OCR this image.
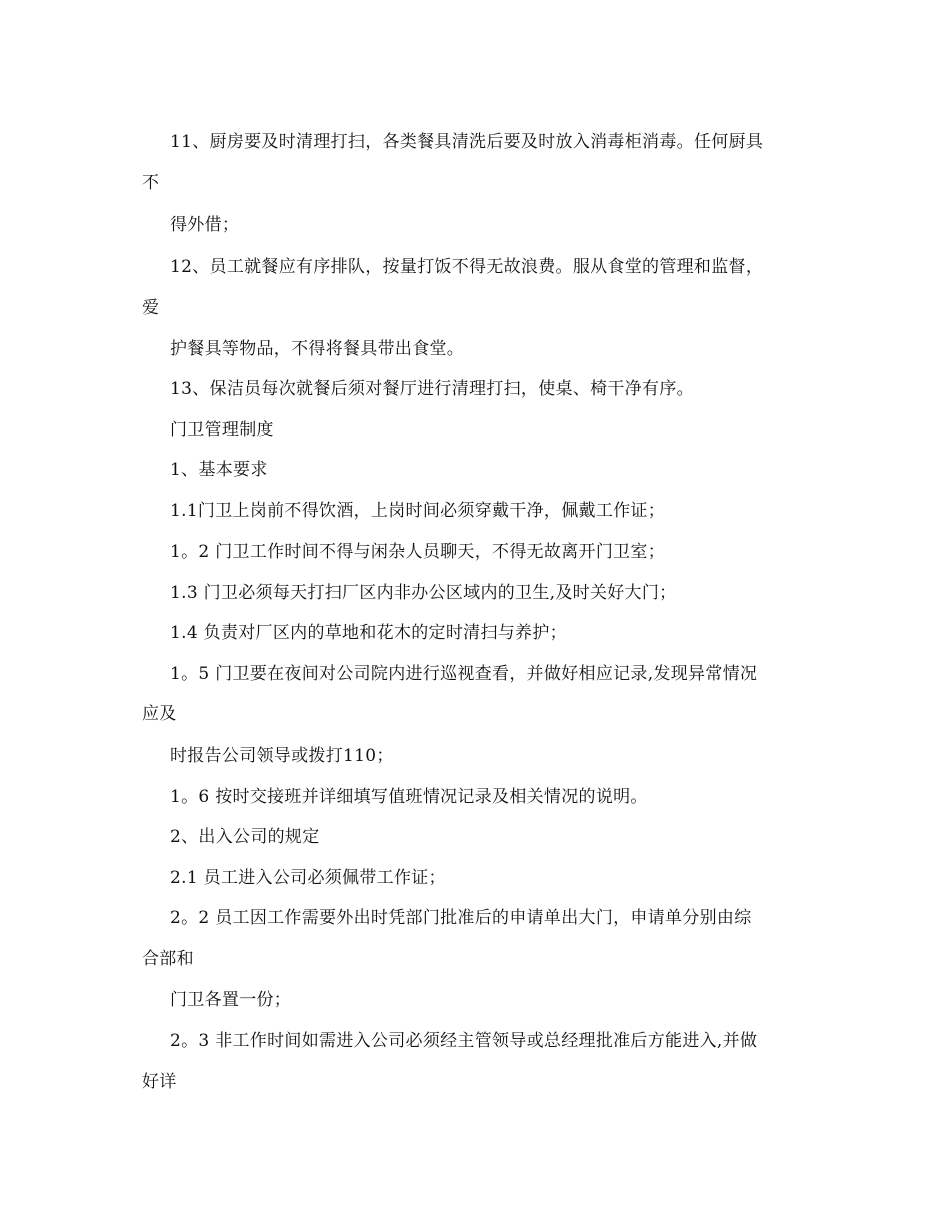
11、厨房要及时清理打扫，各类餐具清洗后要及时放入消毒柜消毒。任何厨具
不
得外借；
12、员工就餐应有序排队，按量打饭不得无故浪费。服从食堂的管理和监督，
爱
护餐具等物品，不得将餐具带出食堂。
13、保洁员每次就餐后须对餐厅进行清理打扫，使桌、椅干净有序。
门卫管理制度
1、基本要求
1.1门卫上岗前不得饮酒，上岗时间必须穿戴干净，佩戴工作证；
1。2 门卫工作时间不得与闲杂人员聊天，不得无故离开门卫室；
1.3 门卫必须每天打扫厂区内非办公区域内的卫生,及时关好大门；
1.4 负责对厂区内的草地和花木的定时清扫与养护；
1。5 门卫要在夜间对公司院内进行巡视查看，并做好相应记录,发现异常情况
应及
时报告公司领导或拨打110；
1。6 按时交接班并详细填写值班情况记录及相关情况的说明。
2、出入公司的规定
2.1 员工进入公司必须佩带工作证；
2。2 员工因工作需要外出时凭部门批准后的申请单出大门，申请单分别由综
合部和
门卫各置一份；
2。3 非工作时间如需进入公司必须经主管领导或总经理批准后方能进入,并做
好详
